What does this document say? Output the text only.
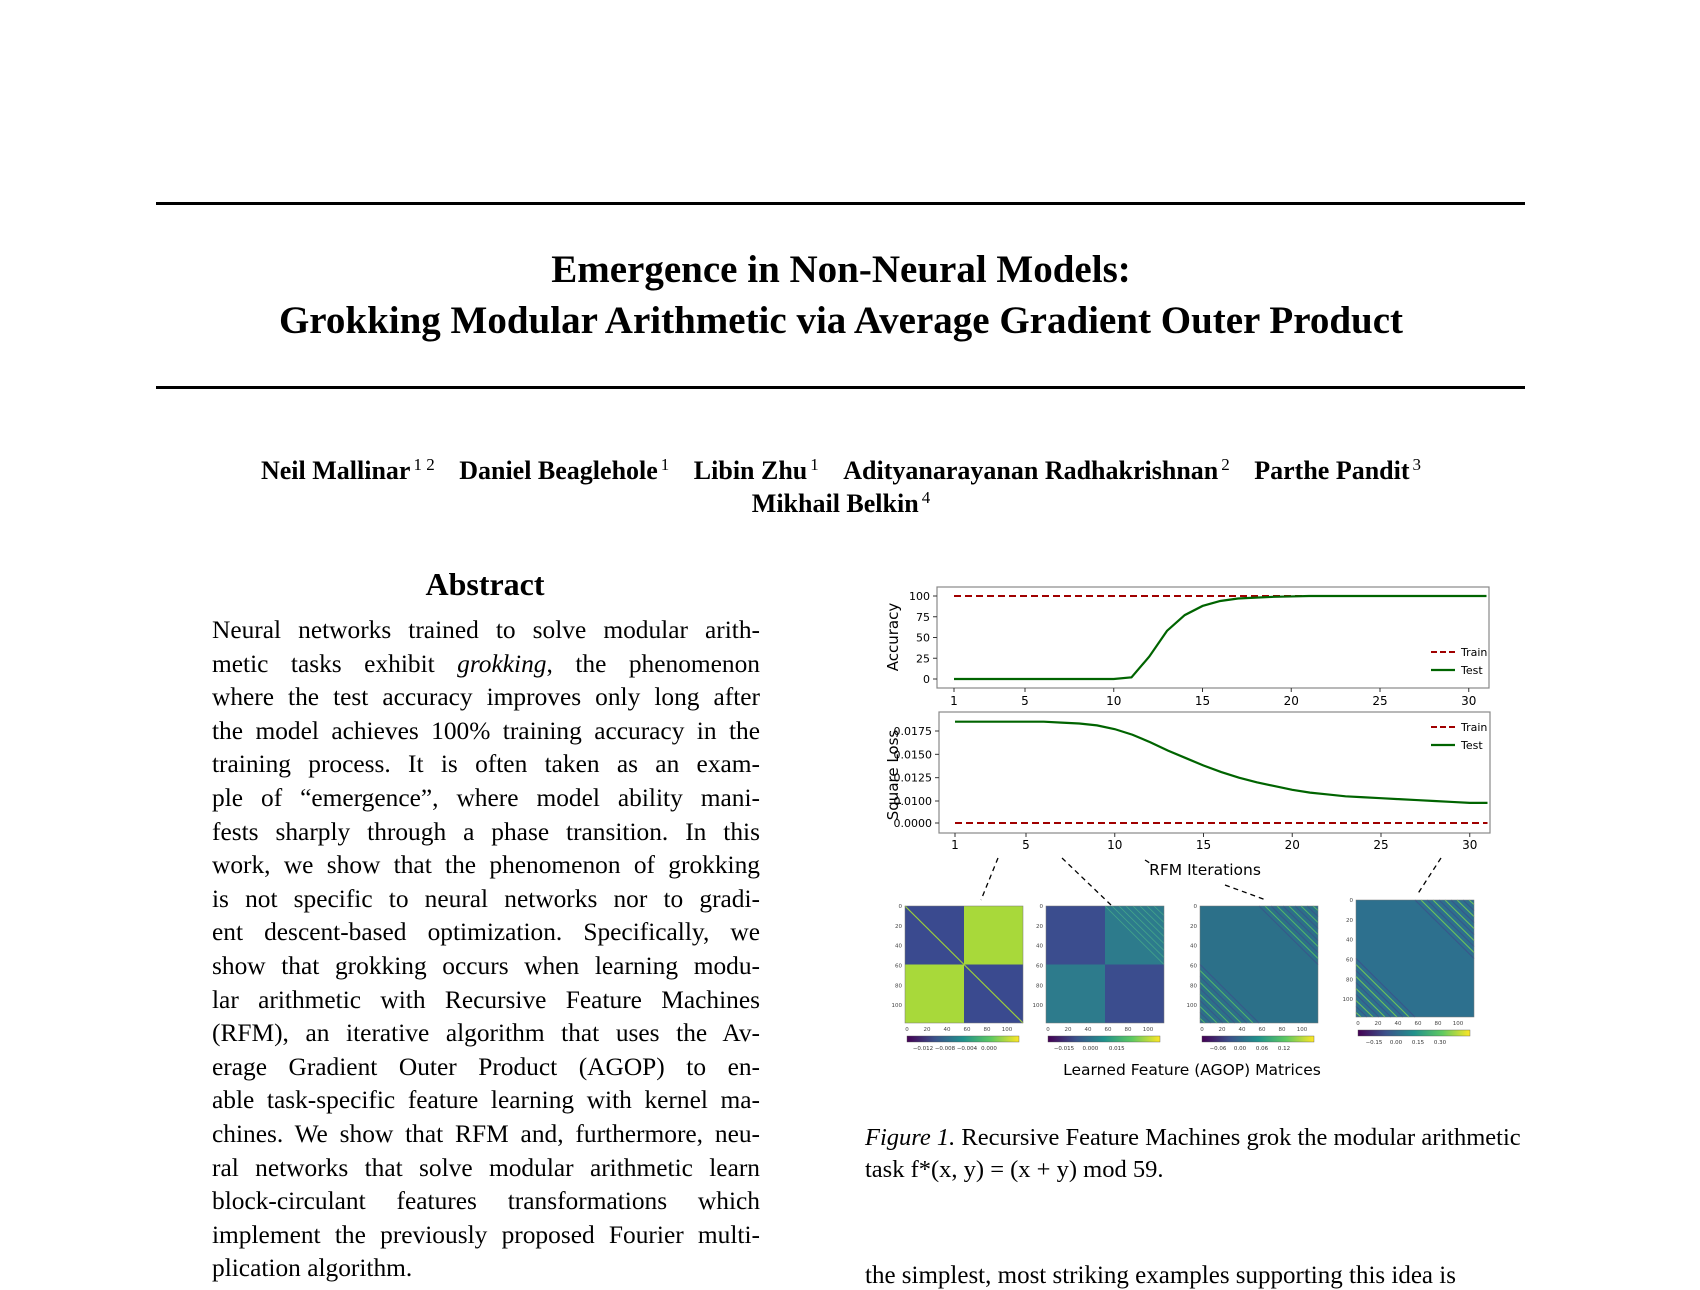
Emergence in Non-Neural Models:
Grokking Modular Arithmetic via Average Gradient Outer Product
Neil Mallinar $^{1 2}$ Daniel Beaglehole $^1$ Libin Zhu $^1$ Adityanarayanan Radhakrishnan $^2$ Parthe Pandit $^3$
Mikhail Belkin $^4$
Abstract
Neural networks trained to solve modular arith-
metic tasks exhibit grokking, the phenomenon
where the test accuracy improves only long after
the model achieves 100% training accuracy in the
training process. It is often taken as an exam-
ple of “emergence”, where model ability mani-
fests sharply through a phase transition. In this
work, we show that the phenomenon of grokking
is not specific to neural networks nor to gradi-
ent descent-based optimization. Specifically, we
show that grokking occurs when learning modu-
lar arithmetic with Recursive Feature Machines
(RFM), an iterative algorithm that uses the Av-
erage Gradient Outer Product (AGOP) to en-
able task-specific feature learning with kernel ma-
chines. We show that RFM and, furthermore, neu-
ral networks that solve modular arithmetic learn
block-circulant features transformations which
implement the previously proposed Fourier multi-
plication algorithm.
Accuracy
0
25
50
75
100
1	5	10	15	20	25	30
Train
Test
Square Loss
0.0000
0.0100
0.0125
0.0150
0.0175
1	5	10	15	20	25	30
Train
Test
RFM Iterations
0
0
20
20
40
40
60
60
80
80
100
100
−0.012 −0.008 −0.004 0.000
0
0
20
20
40
40
60
60
80
80
100
100
−0.015 0.000 0.015
0
0
20
20
40
40
60
60
80
80
100
100
−0.06 0.00 0.06 0.12
0
0
20
20
40
40
60
60
80
80
100
100
−0.15 0.00 0.15 0.30
Learned Feature (AGOP) Matrices
Figure 1. Recursive Feature Machines grok the modular arithmetic
task f*(x, y) = (x + y) mod 59.
the simplest, most striking examples supporting this idea is
